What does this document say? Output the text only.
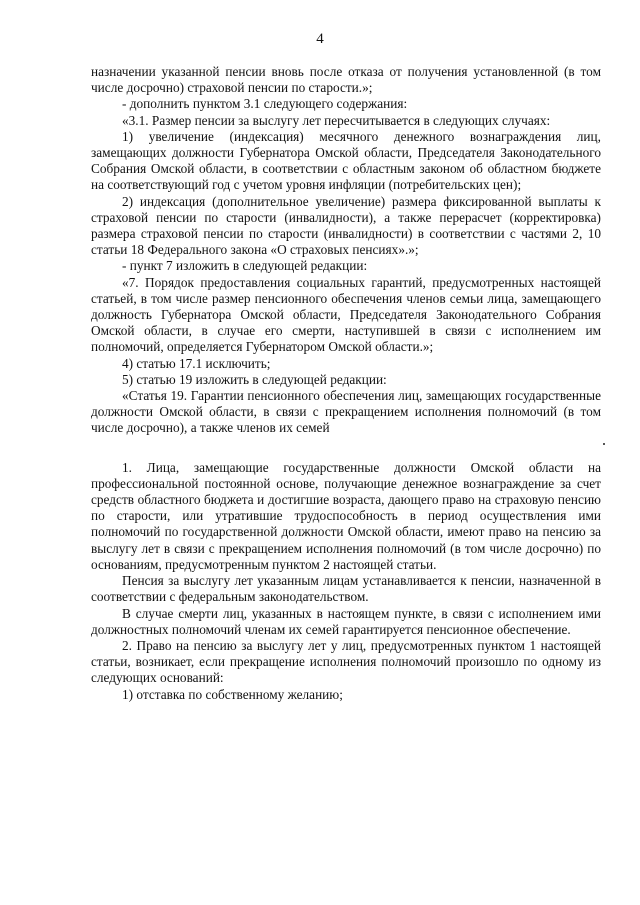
4

назначении указанной пенсии вновь после отказа от получения установленной (в том числе досрочно) страховой пенсии по старости.»;

- дополнить пунктом 3.1 следующего содержания:

«3.1. Размер пенсии за выслугу лет пересчитывается в следующих случаях:

1) увеличение (индексация) месячного денежного вознаграждения лиц, замещающих должности Губернатора Омской области, Председателя Законодательного Собрания Омской области, в соответствии с областным законом об областном бюджете на соответствующий год с учетом уровня инфляции (потребительских цен);

2) индексация (дополнительное увеличение) размера фиксированной выплаты к страховой пенсии по старости (инвалидности), а также перерасчет (корректировка) размера страховой пенсии по старости (инвалидности) в соответствии с частями 2, 10 статьи 18 Федерального закона «О страховых пенсиях».»;

- пункт 7 изложить в следующей редакции:

«7. Порядок предоставления социальных гарантий, предусмотренных настоящей статьей, в том числе размер пенсионного обеспечения членов семьи лица, замещающего должность Губернатора Омской области, Председателя Законодательного Собрания Омской области, в случае его смерти, наступившей в связи с исполнением им полномочий, определяется Губернатором Омской области.»;

4) статью 17.1 исключить;

5) статью 19 изложить в следующей редакции:

«Статья 19. Гарантии пенсионного обеспечения лиц, замещающих государственные должности Омской области, в связи с прекращением исполнения полномочий (в том числе досрочно), а также членов их семей

1. Лица, замещающие государственные должности Омской области на профессиональной постоянной основе, получающие денежное вознаграждение за счет средств областного бюджета и достигшие возраста, дающего право на страховую пенсию по старости, или утратившие трудоспособность в период осуществления ими полномочий по государственной должности Омской области, имеют право на пенсию за выслугу лет в связи с прекращением исполнения полномочий (в том числе досрочно) по основаниям, предусмотренным пунктом 2 настоящей статьи.

Пенсия за выслугу лет указанным лицам устанавливается к пенсии, назначенной в соответствии с федеральным законодательством.

В случае смерти лиц, указанных в настоящем пункте, в связи с исполнением ими должностных полномочий членам их семей гарантируется пенсионное обеспечение.

2. Право на пенсию за выслугу лет у лиц, предусмотренных пунктом 1 настоящей статьи, возникает, если прекращение исполнения полномочий произошло по одному из следующих оснований:

1) отставка по собственному желанию;
